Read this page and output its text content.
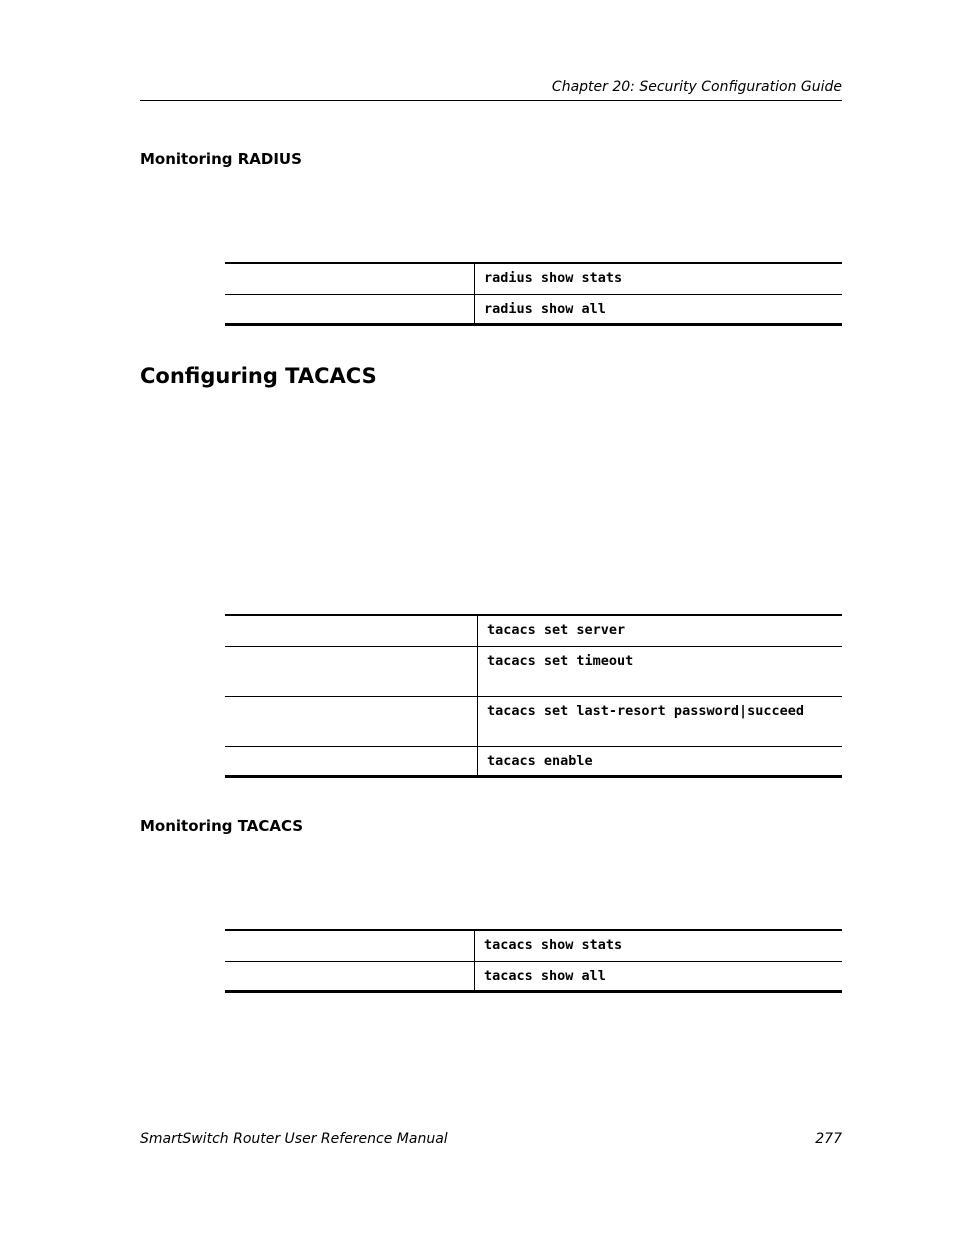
Chapter 20: Security Configuration Guide
Monitoring RADIUS
	radius show stats
	radius show all
Configuring TACACS
	tacacs set server
	tacacs set timeout
	tacacs set last-resort password|succeed
	tacacs enable
Monitoring TACACS
	tacacs show stats
	tacacs show all
SmartSwitch Router User Reference Manual	277
